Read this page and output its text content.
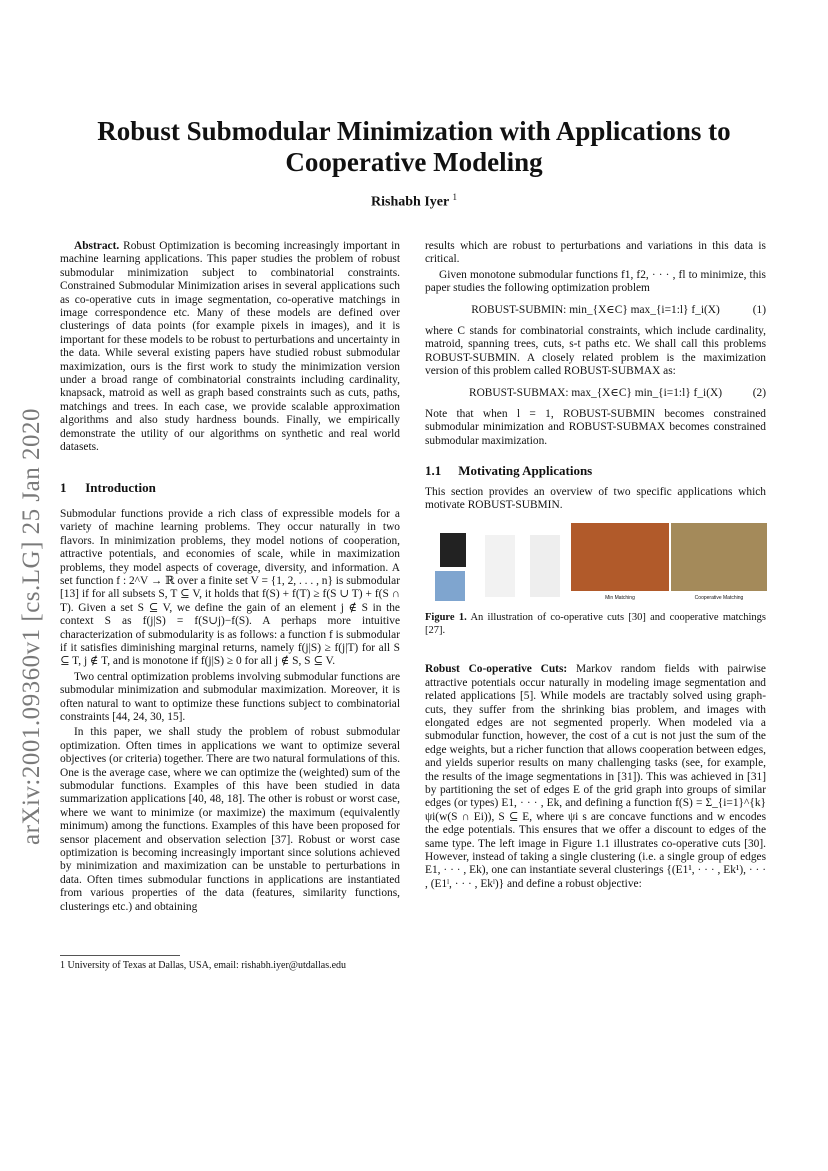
Robust Submodular Minimization with Applications to Cooperative Modeling
Rishabh Iyer $^1$
arXiv:2001.09360v1 [cs.LG] 25 Jan 2020

Abstract. Robust Optimization is becoming increasingly important in machine learning applications. This paper studies the problem of robust submodular minimization subject to combinatorial constraints. Constrained Submodular Minimization arises in several applications such as co-operative cuts in image segmentation, co-operative matchings in image correspondence etc. Many of these models are defined over clusterings of data points (for example pixels in images), and it is important for these models to be robust to perturbations and uncertainty in the data. While several existing papers have studied robust submodular maximization, ours is the first work to study the minimization version under a broad range of combinatorial constraints including cardinality, knapsack, matroid as well as graph based constraints such as cuts, paths, matchings and trees. In each case, we provide scalable approximation algorithms and also study hardness bounds. Finally, we empirically demonstrate the utility of our algorithms on synthetic and real world datasets.

1 Introduction

Submodular functions provide a rich class of expressible models for a variety of machine learning problems. They occur naturally in two flavors. In minimization problems, they model notions of cooperation, attractive potentials, and economies of scale, while in maximization problems, they model aspects of coverage, diversity, and information. A set function f : 2^V → ℝ over a finite set V = {1, 2, . . . , n} is submodular [13] if for all subsets S, T ⊆ V, it holds that f(S) + f(T) ≥ f(S ∪ T) + f(S ∩ T). Given a set S ⊆ V, we define the gain of an element j ∉ S in the context S as f(j|S) = f(S∪j)−f(S). A perhaps more intuitive characterization of submodularity is as follows: a function f is submodular if it satisfies diminishing marginal returns, namely f(j|S) ≥ f(j|T) for all S ⊆ T, j ∉ T, and is monotone if f(j|S) ≥ 0 for all j ∉ S, S ⊆ V.

Two central optimization problems involving submodular functions are submodular minimization and submodular maximization. Moreover, it is often natural to want to optimize these functions subject to combinatorial constraints [44, 24, 30, 15].

In this paper, we shall study the problem of robust submodular optimization. Often times in applications we want to optimize several objectives (or criteria) together. There are two natural formulations of this. One is the average case, where we can optimize the (weighted) sum of the submodular functions. Examples of this have been studied in data summarization applications [40, 48, 18]. The other is robust or worst case, where we want to minimize (or maximize) the maximum (equivalently minimum) among the functions. Examples of this have been proposed for sensor placement and observation selection [37]. Robust or worst case optimization is becoming increasingly important since solutions achieved by minimization and maximization can be unstable to perturbations in data. Often times submodular functions in applications are instantiated from various properties of the data (features, similarity functions, clusterings etc.) and obtaining

1 University of Texas at Dallas, USA, email: rishabh.iyer@utdallas.edu

results which are robust to perturbations and variations in this data is critical.

Given monotone submodular functions f1, f2, · · · , fl to minimize, this paper studies the following optimization problem

ROBUST-SUBMIN: min_{X∈C} max_{i=1:l} f_i(X)	(1)

where C stands for combinatorial constraints, which include cardinality, matroid, spanning trees, cuts, s-t paths etc. We shall call this problems ROBUST-SUBMIN. A closely related problem is the maximization version of this problem called ROBUST-SUBMAX as:

ROBUST-SUBMAX: max_{X∈C} min_{i=1:l} f_i(X)	(2)

Note that when l = 1, ROBUST-SUBMIN becomes constrained submodular minimization and ROBUST-SUBMAX becomes constrained submodular maximization.

1.1 Motivating Applications

This section provides an overview of two specific applications which motivate ROBUST-SUBMIN.

Min Matching	Cooperative Matching

Figure 1. An illustration of co-operative cuts [30] and cooperative matchings [27].

Robust Co-operative Cuts: Markov random fields with pairwise attractive potentials occur naturally in modeling image segmentation and related applications [5]. While models are tractably solved using graph-cuts, they suffer from the shrinking bias problem, and images with elongated edges are not segmented properly. When modeled via a submodular function, however, the cost of a cut is not just the sum of the edge weights, but a richer function that allows cooperation between edges, and yields superior results on many challenging tasks (see, for example, the results of the image segmentations in [31]). This was achieved in [31] by partitioning the set of edges E of the grid graph into groups of similar edges (or types) E1, · · · , Ek, and defining a function f(S) = Σ_{i=1}^{k} ψi(w(S ∩ Ei)), S ⊆ E, where ψi s are concave functions and w encodes the edge potentials. This ensures that we offer a discount to edges of the same type. The left image in Figure 1.1 illustrates co-operative cuts [30]. However, instead of taking a single clustering (i.e. a single group of edges E1, · · · , Ek), one can instantiate several clusterings {(E1¹, · · · , Ek¹), · · · , (E1ˡ, · · · , Ekˡ)} and define a robust objective:
